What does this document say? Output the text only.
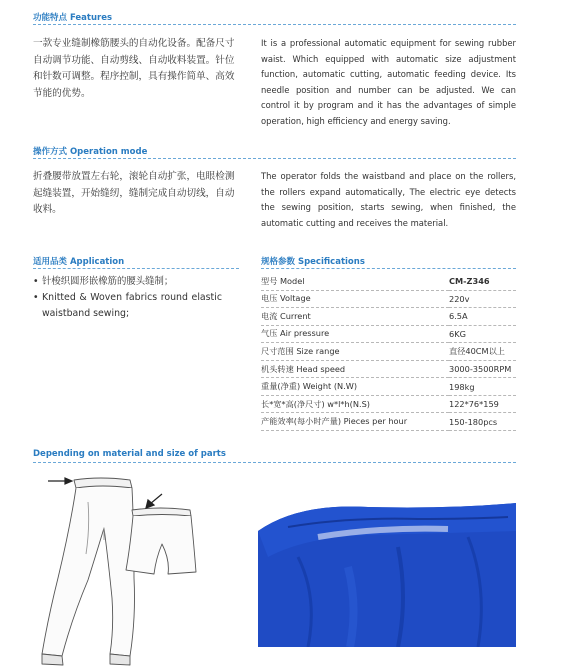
功能特点 Features
一款专业缝制橡筋腰头的自动化设备。配备尺寸自动调节功能、自动剪线、自动收料装置。针位和针数可调整。程序控制，具有操作简单、高效节能的优势。
It is a professional automatic equipment for sewing rubber waist. Which equipped with automatic size adjustment function, automatic cutting, automatic feeding device. Its needle position and number can be adjusted. We can control it by program and it has the advantages of simple operation, high efficiency and energy saving.
操作方式 Operation mode
折叠腰带放置左右轮，滚轮自动扩张，电眼检测起缝装置，开始缝纫，缝制完成自动切线，自动收料。
The operator folds the waistband and place on the rollers, the rollers expand automatically, The electric eye detects the sewing position, starts sewing, when finished, the automatic cutting and receives the material.
适用品类 Application
• 针梭织圆形嵌橡筋的腰头缝制；
• Knitted & Woven fabrics round elastic waistband sewing;
规格参数 Specifications
型号 Model	CM-Z346
电压 Voltage	220v
电流 Current	6.5A
气压 Air pressure	6KG
尺寸范围 Size range	直径40CM以上
机头转速 Head speed	3000-3500RPM
重量(净重) Weight (N.W)	198kg
长*宽*高(净尺寸) w*l*h(N.S)	122*76*159
产能效率(每小时产量) Pieces per hour	150-180pcs
Depending on material and size of parts
